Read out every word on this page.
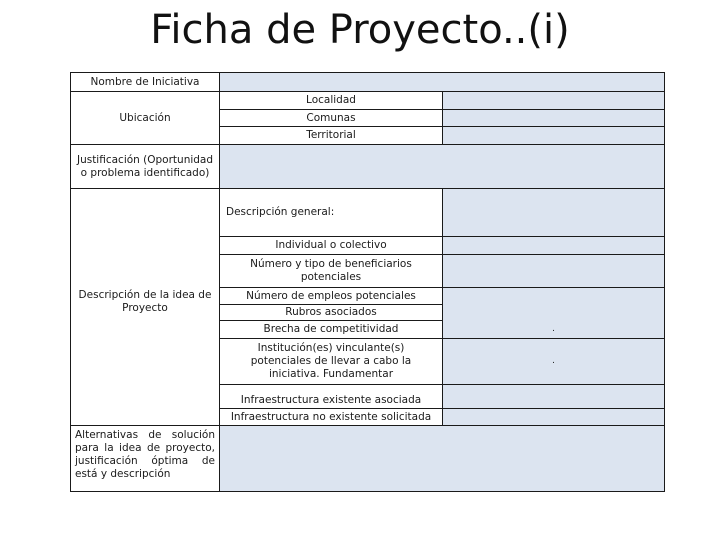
Ficha de Proyecto..(i)
Nombre de Iniciativa
Ubicación
Localidad
Comunas
Territorial
Justificación (Oportunidad o problema identificado)
Descripción de la idea de Proyecto
Descripción general:
Individual o colectivo
Número y tipo de beneficiarios potenciales
Número de empleos potenciales
Rubros asociados
Brecha de competitividad	.
Institución(es) vinculante(s) potenciales de llevar a cabo la iniciativa. Fundamentar
.
Infraestructura existente asociada
Infraestructura no existente solicitada
Alternativas de solución para la idea de proyecto, justificación óptima de está y descripción
